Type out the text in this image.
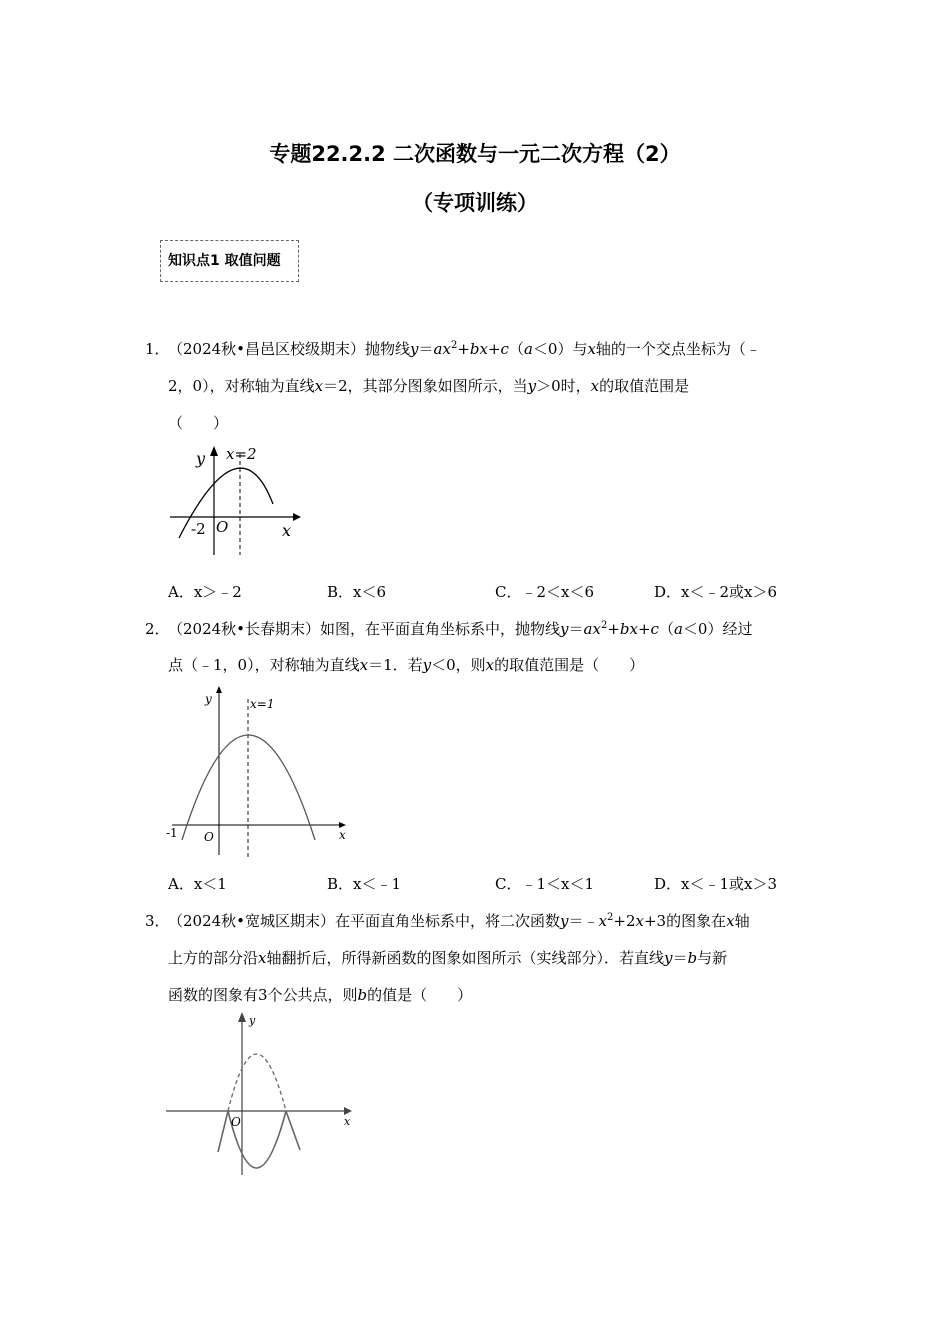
专题22.2.2 二次函数与一元二次方程（2）
（专项训练）
知识点1 取值问题
1．
（2024秋•昌邑区校级期末）抛物线$y=ax^2+bx+c(a<0)$与x轴的一个交点坐标为（﹣
2，0），对称轴为直线x＝2，其部分图象如图所示，当y＞0时，x的取值范围是
（　　）
y x=2
-2 O	x
A．x＞﹣2	B．x＜6	C．﹣2＜x＜6	D．x＜﹣2或x＞6
2．
（2024秋•长春期末）如图，在平面直角坐标系中，抛物线$y=ax^2+bx+c(a<0)$经过
点（﹣1，0），对称轴为直线x＝1．若y＜0，则x的取值范围是（　　）
y	x=1
-1 O	x
A．x＜1	B．x＜﹣1	C．﹣1＜x＜1	D．x＜﹣1或x＞3
3．
（2024秋•宽城区期末）在平面直角坐标系中，将二次函数$y=﹣x^2+2x+3$的图象在x轴
上方的部分沿x轴翻折后，所得新函数的图象如图所示（实线部分）．若直线y＝b与新
函数的图象有3个公共点，则b的值是（　　）
y
O	x
